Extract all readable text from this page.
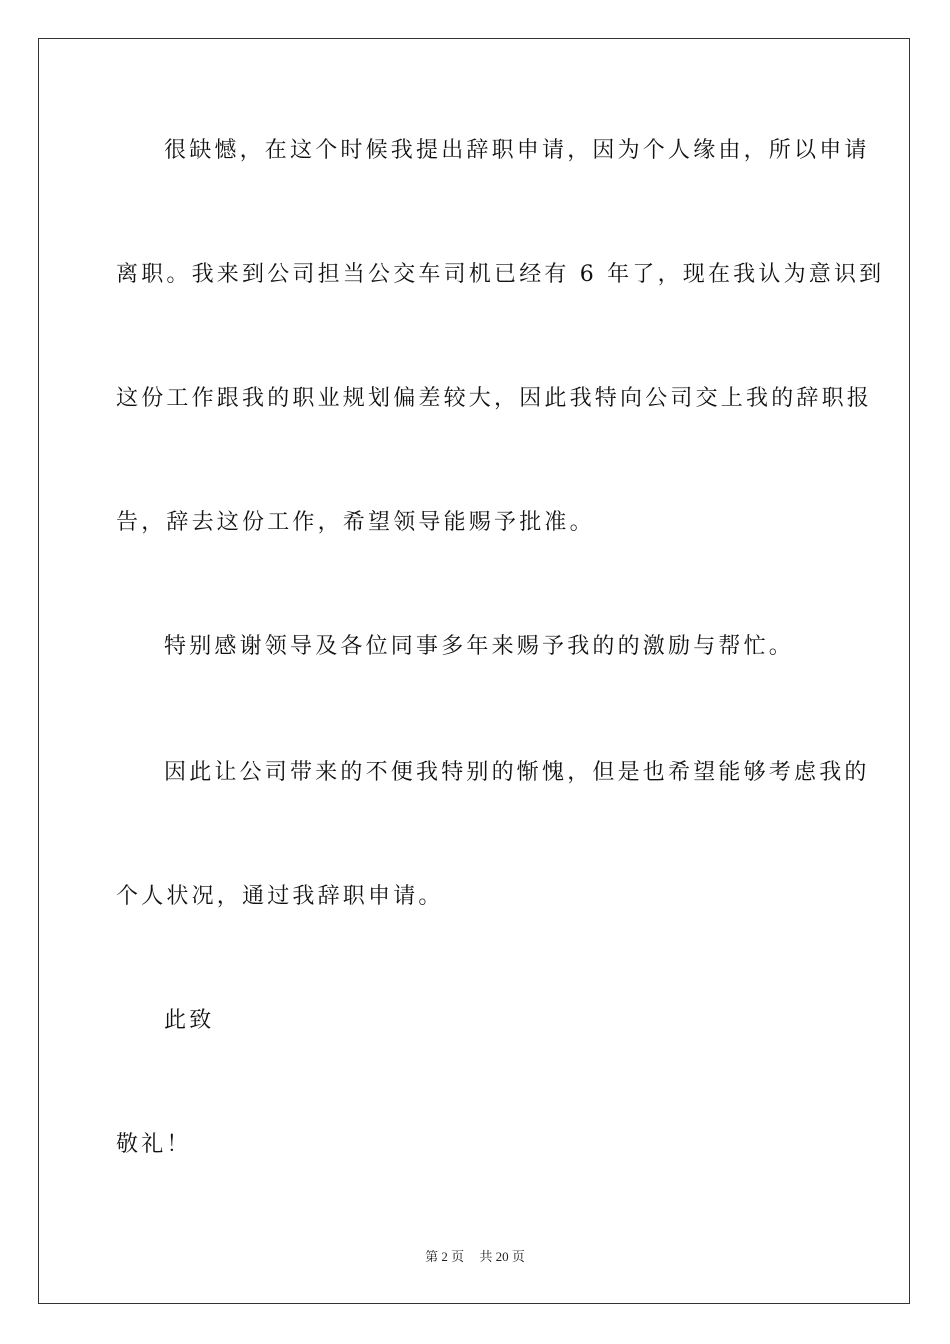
很缺憾，在这个时候我提出辞职申请，因为个人缘由，所以申请
离职。我来到公司担当公交车司机已经有 6 年了，现在我认为意识到
这份工作跟我的职业规划偏差较大，因此我特向公司交上我的辞职报
告，辞去这份工作，希望领导能赐予批准。
特别感谢领导及各位同事多年来赐予我的的激励与帮忙。
因此让公司带来的不便我特别的惭愧，但是也希望能够考虑我的
个人状况，通过我辞职申请。
此致
敬礼！
第 2 页 共 20 页
